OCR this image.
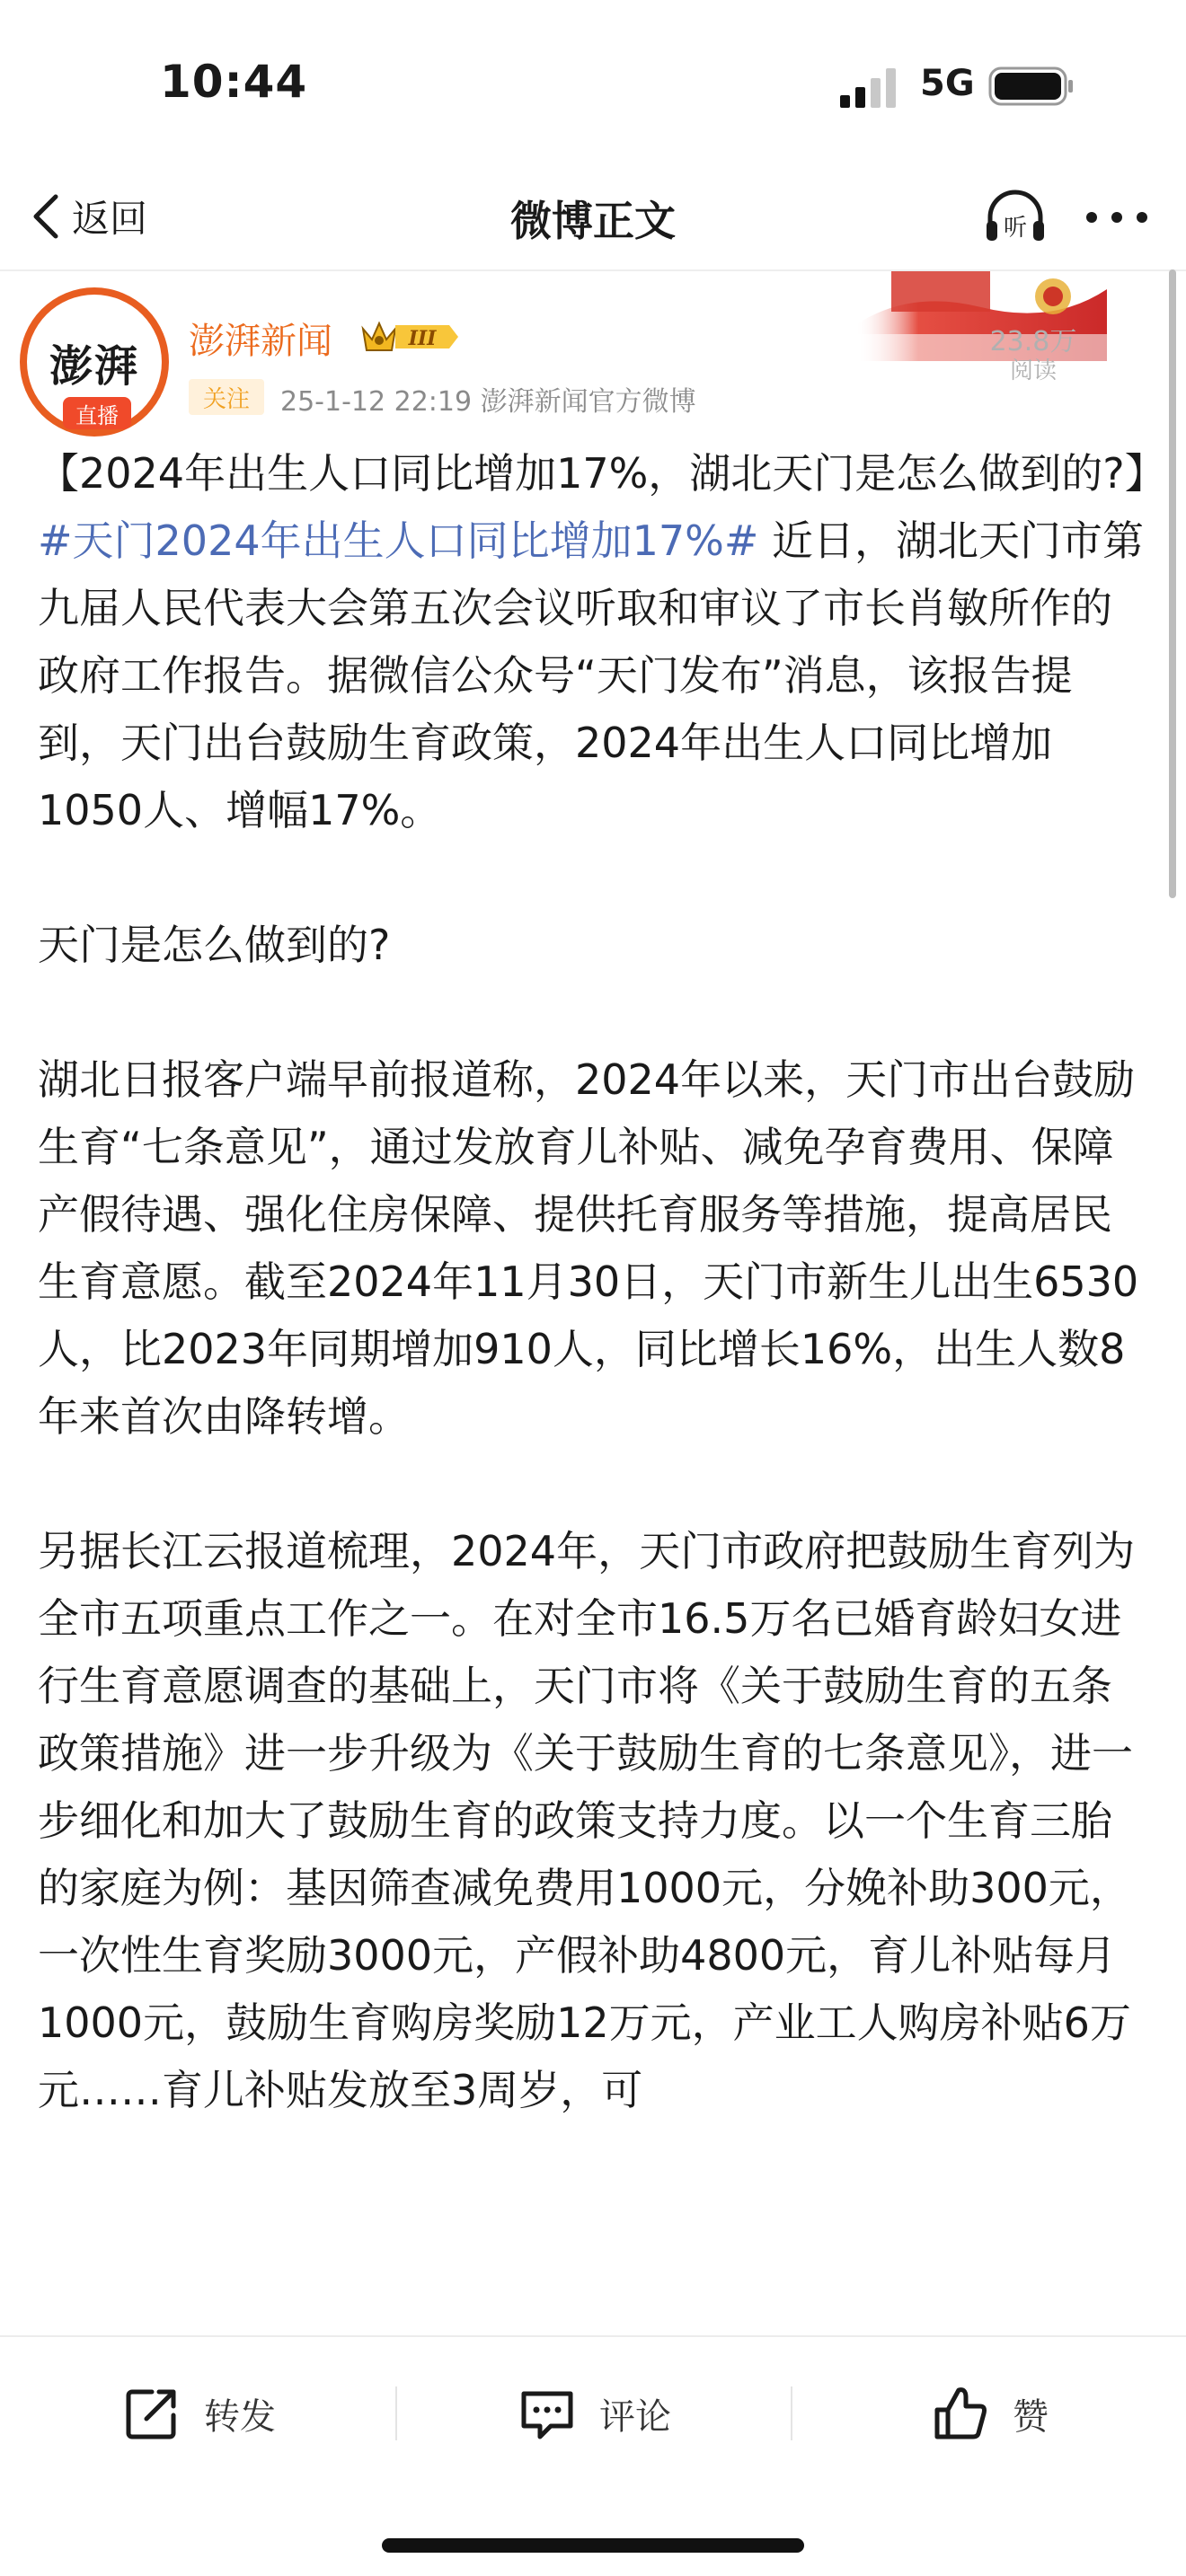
10:44	5G
返回	微博正文	听
澎湃
直播
澎湃新闻	III
关注	25-1-12 22:19 澎湃新闻官方微博
23.8万
阅读

【2024年出生人口同比增加17%，湖北天门是怎么做到的?】#天门2024年出生人口同比增加17%# 近日，湖北天门市第九届人民代表大会第五次会议听取和审议了市长肖敏所作的政府工作报告。据微信公众号“天门发布”消息，该报告提到，天门出台鼓励生育政策，2024年出生人口同比增加1050人、增幅17%。

天门是怎么做到的?

湖北日报客户端早前报道称，2024年以来，天门市出台鼓励生育“七条意见”，通过发放育儿补贴、减免孕育费用、保障产假待遇、强化住房保障、提供托育服务等措施，提高居民生育意愿。截至2024年11月30日，天门市新生儿出生6530人，比2023年同期增加910人，同比增长16%，出生人数8年来首次由降转增。

另据长江云报道梳理，2024年，天门市政府把鼓励生育列为全市五项重点工作之一。在对全市16.5万名已婚育龄妇女进行生育意愿调查的基础上，天门市将《关于鼓励生育的五条政策措施》进一步升级为《关于鼓励生育的七条意见》，进一步细化和加大了鼓励生育的政策支持力度。以一个生育三胎的家庭为例：基因筛查减免费用1000元，分娩补助300元，一次性生育奖励3000元，产假补助4800元，育儿补贴每月1000元，鼓励生育购房奖励12万元，产业工人购房补贴6万元……育儿补贴发放至3周岁，可

转发	评论	赞
